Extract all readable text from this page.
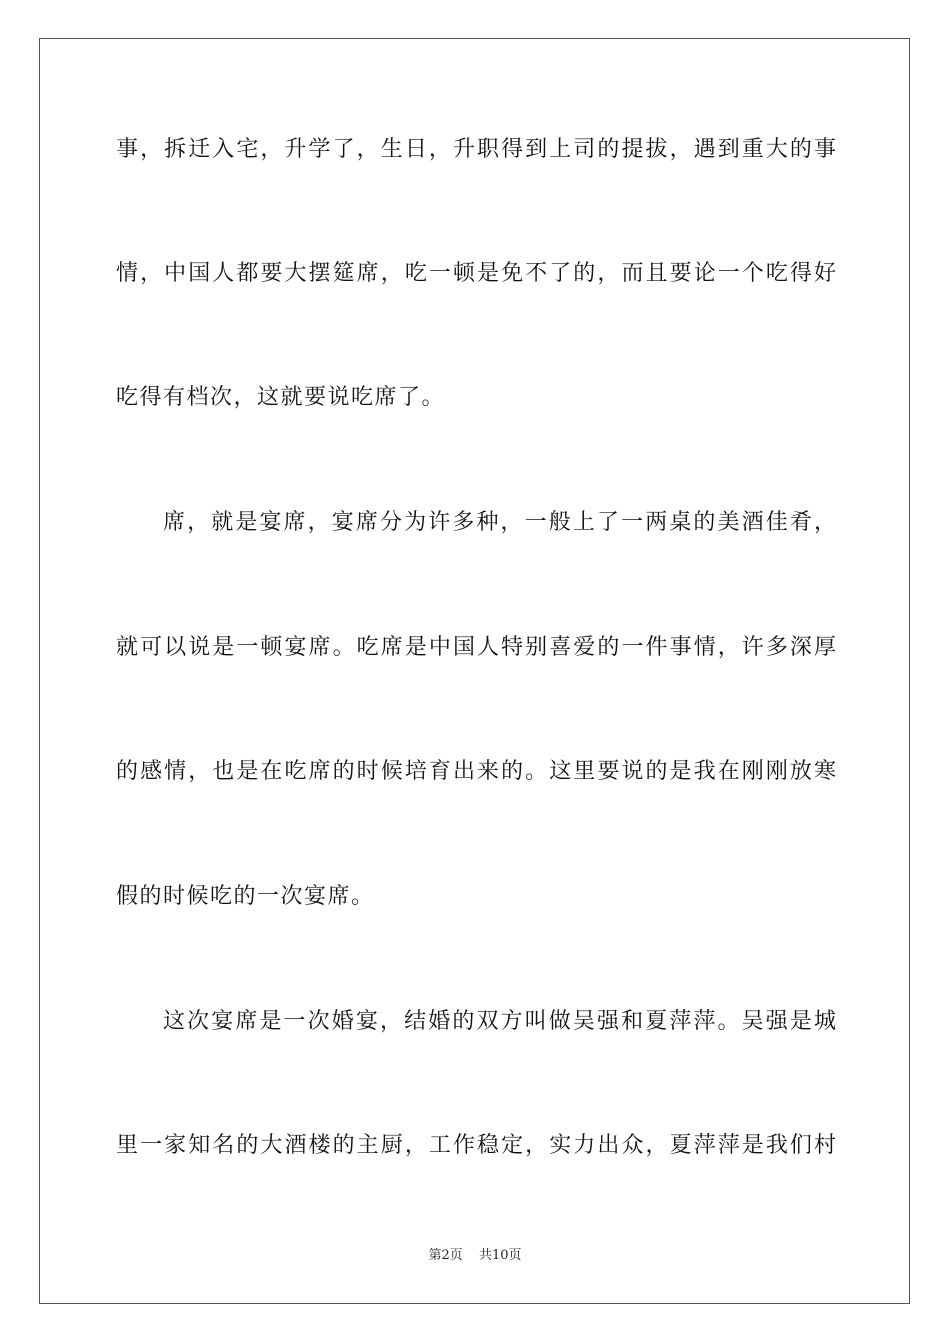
事，拆迁入宅，升学了，生日，升职得到上司的提拔，遇到重大的事
情，中国人都要大摆筵席，吃一顿是免不了的，而且要论一个吃得好
吃得有档次，这就要说吃席了。
席，就是宴席，宴席分为许多种，一般上了一两桌的美酒佳肴，
就可以说是一顿宴席。吃席是中国人特别喜爱的一件事情，许多深厚
的感情，也是在吃席的时候培育出来的。这里要说的是我在刚刚放寒
假的时候吃的一次宴席。
这次宴席是一次婚宴，结婚的双方叫做吴强和夏萍萍。吴强是城
里一家知名的大酒楼的主厨，工作稳定，实力出众，夏萍萍是我们村
第2页 共10页
